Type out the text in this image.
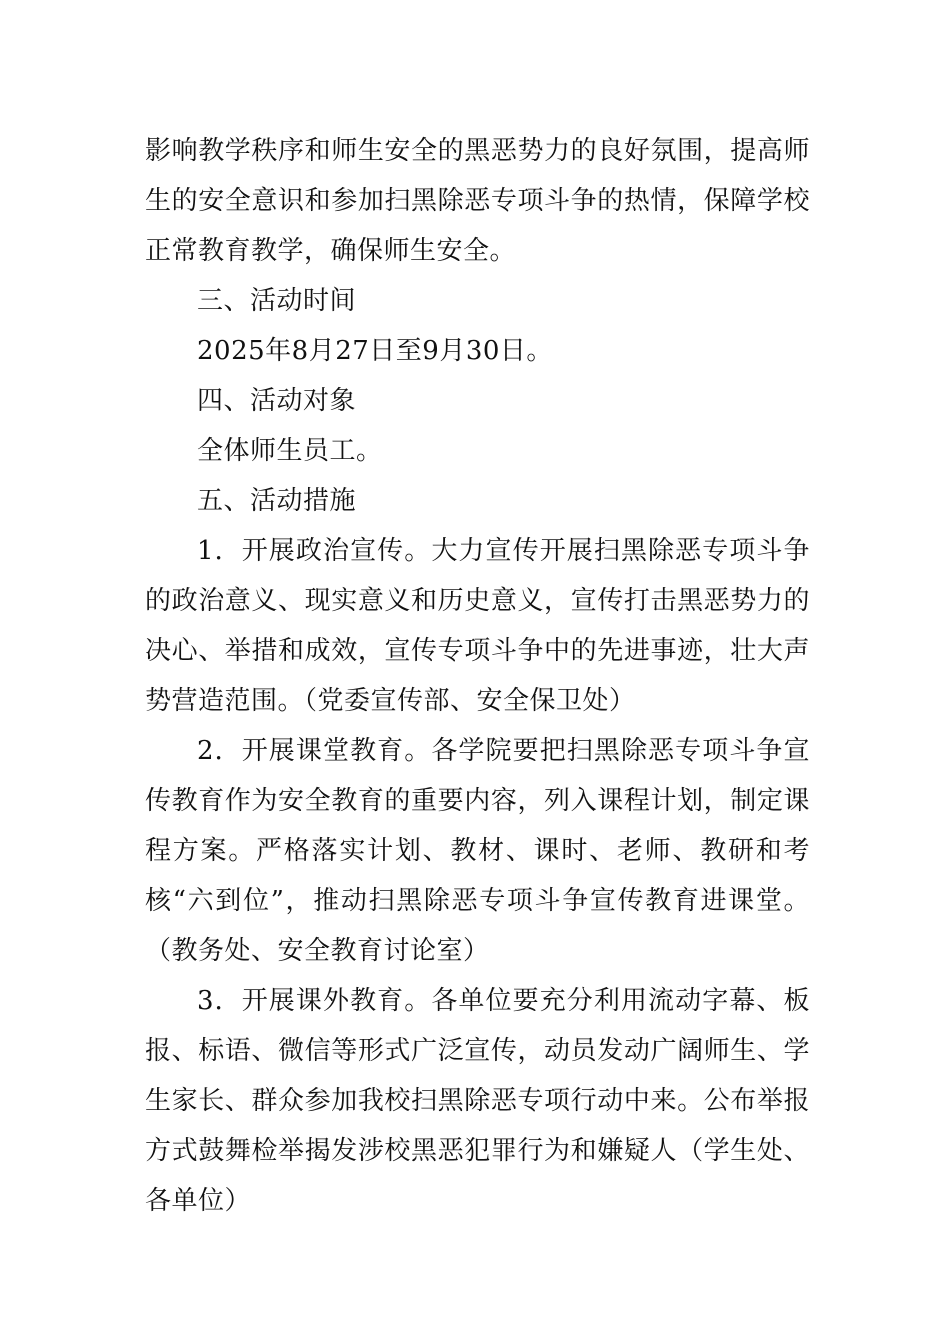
影响教学秩序和师生安全的黑恶势力的良好氛围，提高师生的安全意识和参加扫黑除恶专项斗争的热情，保障学校正常教育教学，确保师生安全。

三、活动时间

2025年8月27日至9月30日。

四、活动对象

全体师生员工。

五、活动措施

1．开展政治宣传。大力宣传开展扫黑除恶专项斗争的政治意义、现实意义和历史意义，宣传打击黑恶势力的决心、举措和成效，宣传专项斗争中的先进事迹，壮大声势营造范围。（党委宣传部、安全保卫处）

2．开展课堂教育。各学院要把扫黑除恶专项斗争宣传教育作为安全教育的重要内容，列入课程计划，制定课程方案。严格落实计划、教材、课时、老师、教研和考核“六到位”，推动扫黑除恶专项斗争宣传教育进课堂。（教务处、安全教育讨论室）

3．开展课外教育。各单位要充分利用流动字幕、板报、标语、微信等形式广泛宣传，动员发动广阔师生、学生家长、群众参加我校扫黑除恶专项行动中来。公布举报方式鼓舞检举揭发涉校黑恶犯罪行为和嫌疑人（学生处、各单位）
